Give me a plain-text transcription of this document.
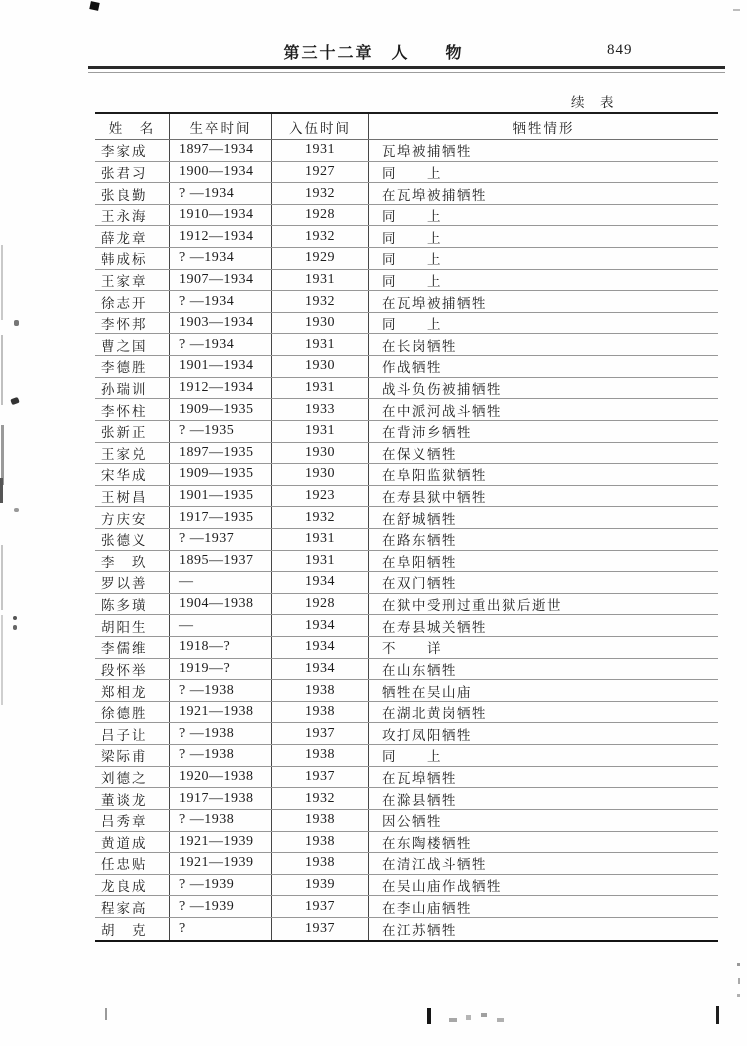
第三十二章　人　　物	849
续　表
姓　名	生卒时间	入伍时间	牺牲情形
李家成	1897—1934	1931	瓦埠被捕牺牲
张君习	1900—1934	1927	同　　上
张良勤	? —1934	1932	在瓦埠被捕牺牲
王永海	1910—1934	1928	同　　上
薛龙章	1912—1934	1932	同　　上
韩成标	? —1934	1929	同　　上
王家章	1907—1934	1931	同　　上
徐志开	? —1934	1932	在瓦埠被捕牺牲
李怀邦	1903—1934	1930	同　　上
曹之国	? —1934	1931	在长岗牺牲
李德胜	1901—1934	1930	作战牺牲
孙瑞训	1912—1934	1931	战斗负伤被捕牺牲
李怀柱	1909—1935	1933	在中派河战斗牺牲
张新正	? —1935	1931	在背沛乡牺牲
王家兑	1897—1935	1930	在保义牺牲
宋华成	1909—1935	1930	在阜阳监狱牺牲
王树昌	1901—1935	1923	在寿县狱中牺牲
方庆安	1917—1935	1932	在舒城牺牲
张德义	? —1937	1931	在路东牺牲
李　玖	1895—1937	1931	在阜阳牺牲
罗以善	—	1934	在双门牺牲
陈多璜	1904—1938	1928	在狱中受刑过重出狱后逝世
胡阳生	—	1934	在寿县城关牺牲
李儒维	1918—?	1934	不　　详
段怀举	1919—?	1934	在山东牺牲
郑相龙	? —1938	1938	牺牲在吴山庙
徐德胜	1921—1938	1938	在湖北黄岗牺牲
吕子让	? —1938	1937	攻打凤阳牺牲
梁际甫	? —1938	1938	同　　上
刘德之	1920—1938	1937	在瓦埠牺牲
董谈龙	1917—1938	1932	在滁县牺牲
吕秀章	? —1938	1938	因公牺牲
黄道成	1921—1939	1938	在东陶楼牺牲
任忠贴	1921—1939	1938	在清江战斗牺牲
龙良成	? —1939	1939	在吴山庙作战牺牲
程家高	? —1939	1937	在李山庙牺牲
胡　克	?	1937	在江苏牺牲
